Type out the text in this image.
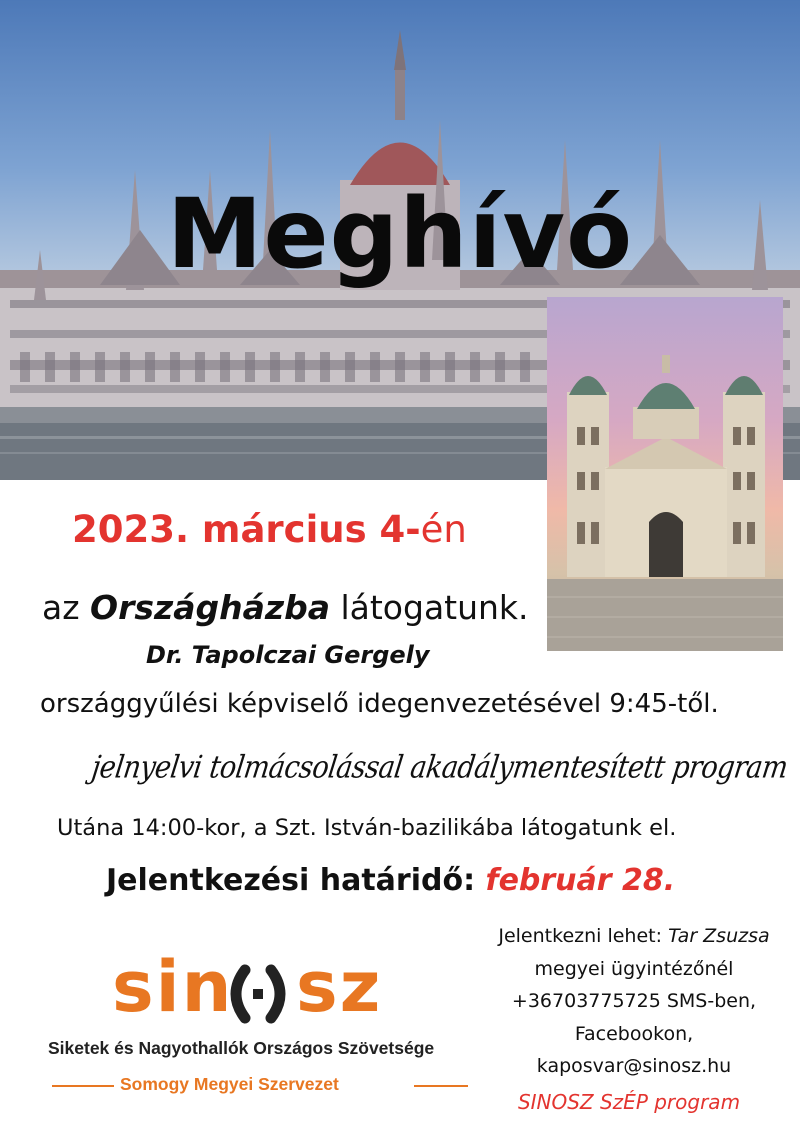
Meghívó
2023. március 4-én
az Országházba látogatunk.
Dr. Tapolczai Gergely
országgyűlési képviselő idegenvezetésével 9:45-től.
jelnyelvi tolmácsolással akadálymentesített program
Utána 14:00-kor, a Szt. István-bazilikába látogatunk el.
Jelentkezési határidő: február 28.
Jelentkezni lehet: Tar Zsuzsa
megyei ügyintézőnél
+36703775725 SMS-ben,
Facebookon,
kaposvar@sinosz.hu
SINOSZ SzÉP program
sin sz
Siketek és Nagyothallók Országos Szövetsége
Somogy Megyei Szervezet
